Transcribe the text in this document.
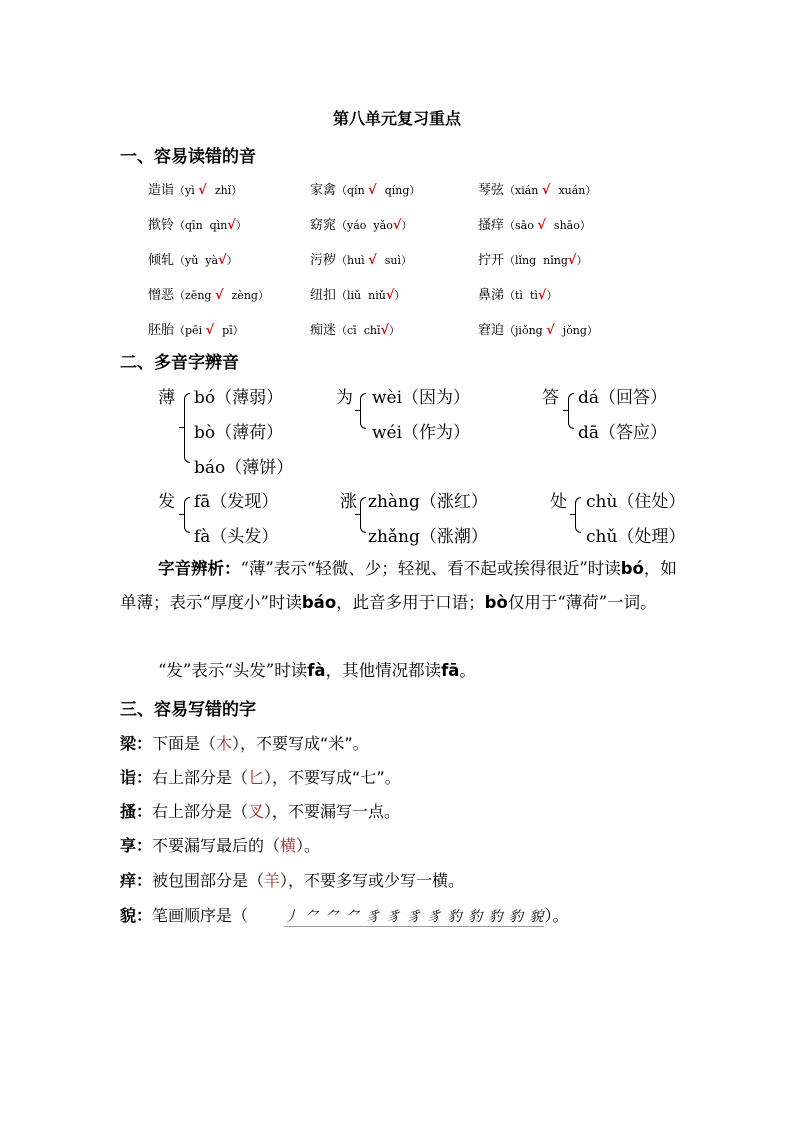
第八单元复习重点
一、容易读错的音
造诣（yì √  zhǐ）	家禽（qín √  qíng）	琴弦（xián √  xuán）
揿铃（qīn  qìn√）	窈窕（yáo  yǎo√）	搔痒（sāo √  shāo）
倾轧（yǔ  yà√）	污秽（huì √  suì）	拧开（lǐng  nǐng√）
憎恶（zēng √  zèng）	纽扣（liǔ  niǔ√）	鼻涕（tì  tì√）
胚胎（pēi √  pī）	痴迷（cī  chī√）	窘迫（jiǒng √  jǒng）
二、多音字辨音
薄 bó（薄弱）
bò（薄荷）
báo（薄饼）
为 wèi（因为）
wéi（作为）
答 dá（回答）
dā（答应）
发 fā（发现）
fà（头发）
涨 zhàng（涨红）
zhǎng（涨潮）
处 chù（住处）
chǔ（处理）
字音辨析：“薄”表示“轻微、少；轻视、看不起或挨得很近”时读bó，如单薄；表示“厚度小”时读báo，此音多用于口语；bò仅用于“薄荷”一词。
“发”表示“头发”时读fà，其他情况都读fā。
三、容易写错的字
梁：下面是（木），不要写成“米”。
诣：右上部分是（匕），不要写成“七”。
搔：右上部分是（叉），不要漏写一点。
享：不要漏写最后的（横）。
痒：被包围部分是（羊），不要多写或少写一横。
貌：笔画顺序是（	丿 ⺈ ⺈ ⺈ 豸 豸 豸 豸 豹 豹 豹 豹 貌）。
